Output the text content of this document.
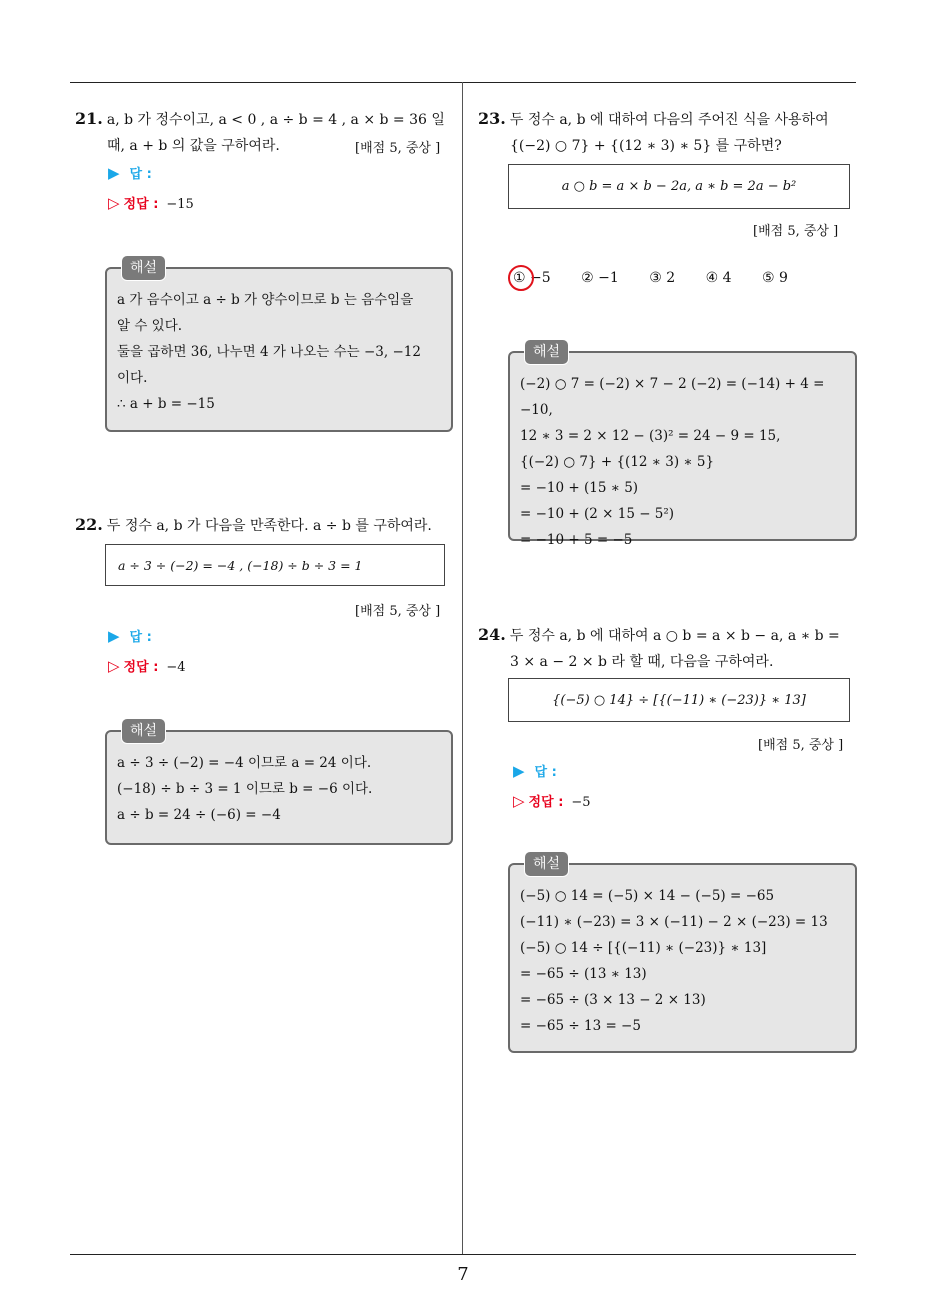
7
21. a, b 가 정수이고, a < 0 , a ÷ b = 4 , a × b = 36 일
때, a + b 의 값을 구하여라.	[배점 5, 중상 ]
▶ 답 :
▷ 정답 : −15
해설
a 가 음수이고 a ÷ b 가 양수이므로 b 는 음수임을
알 수 있다.
둘을 곱하면 36, 나누면 4 가 나오는 수는 −3, −12
이다.
∴ a + b = −15
22. 두 정수 a, b 가 다음을 만족한다. a ÷ b 를 구하여라.
a ÷ 3 ÷ (−2) = −4 , (−18) ÷ b ÷ 3 = 1
[배점 5, 중상 ]
▶ 답 :
▷ 정답 : −4
해설
a ÷ 3 ÷ (−2) = −4 이므로 a = 24 이다.
(−18) ÷ b ÷ 3 = 1 이므로 b = −6 이다.
a ÷ b = 24 ÷ (−6) = −4
23. 두 정수 a, b 에 대하여 다음의 주어진 식을 사용하여
{(−2) ○ 7} + {(12 ∗ 3) ∗ 5} 를 구하면?
a ○ b = a × b − 2a, a ∗ b = 2a − b²
[배점 5, 중상 ]
① −5 ② −1 ③ 2 ④ 4 ⑤ 9
해설
(−2) ○ 7 = (−2) × 7 − 2 (−2) = (−14) + 4 = −10,
12 ∗ 3 = 2 × 12 − (3)² = 24 − 9 = 15,
{(−2) ○ 7} + {(12 ∗ 3) ∗ 5}
= −10 + (15 ∗ 5)
= −10 + (2 × 15 − 5²)
= −10 + 5 = −5
24. 두 정수 a, b 에 대하여 a ○ b = a × b − a, a ∗ b =
3 × a − 2 × b 라 할 때, 다음을 구하여라.
{(−5) ○ 14} ÷ [{(−11) ∗ (−23)} ∗ 13]
[배점 5, 중상 ]
▶ 답 :
▷ 정답 : −5
해설
(−5) ○ 14 = (−5) × 14 − (−5) = −65
(−11) ∗ (−23) = 3 × (−11) − 2 × (−23) = 13
(−5) ○ 14 ÷ [{(−11) ∗ (−23)} ∗ 13]
= −65 ÷ (13 ∗ 13)
= −65 ÷ (3 × 13 − 2 × 13)
= −65 ÷ 13 = −5
